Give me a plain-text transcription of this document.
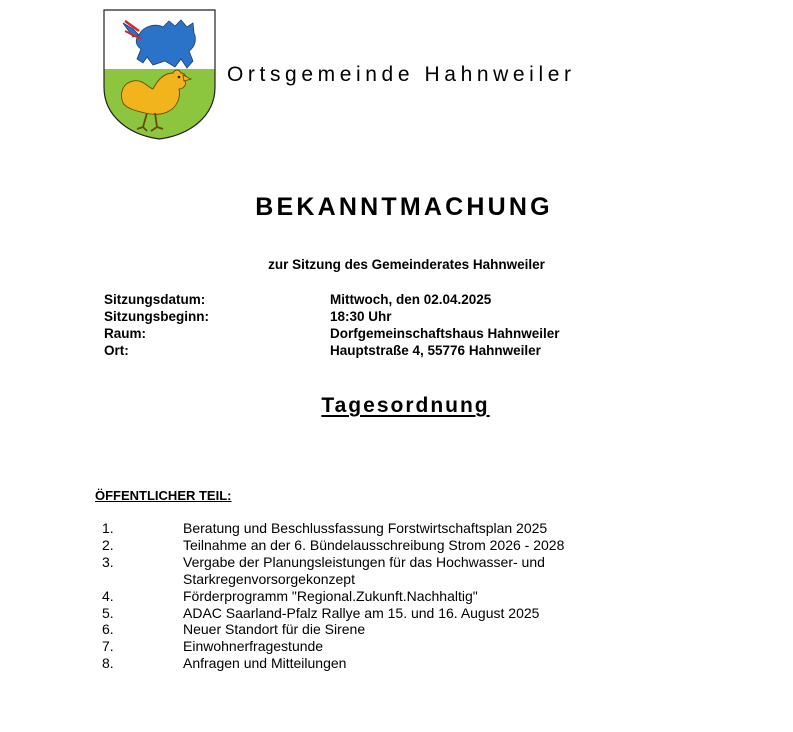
Ortsgemeinde Hahnweiler
BEKANNTMACHUNG
zur Sitzung des Gemeinderates Hahnweiler
Sitzungsdatum:	Mittwoch, den 02.04.2025
Sitzungsbeginn:	18:30 Uhr
Raum:	Dorfgemeinschaftshaus Hahnweiler
Ort:	Hauptstraße 4, 55776 Hahnweiler
Tagesordnung
ÖFFENTLICHER TEIL:
1.	Beratung und Beschlussfassung Forstwirtschaftsplan 2025
2.	Teilnahme an der 6. Bündelausschreibung Strom 2026 - 2028
3.	Vergabe der Planungsleistungen für das Hochwasser- und Starkregenvorsorgekonzept
4.	Förderprogramm "Regional.Zukunft.Nachhaltig"
5.	ADAC Saarland-Pfalz Rallye am 15. und 16. August 2025
6.	Neuer Standort für die Sirene
7.	Einwohnerfragestunde
8.	Anfragen und Mitteilungen
